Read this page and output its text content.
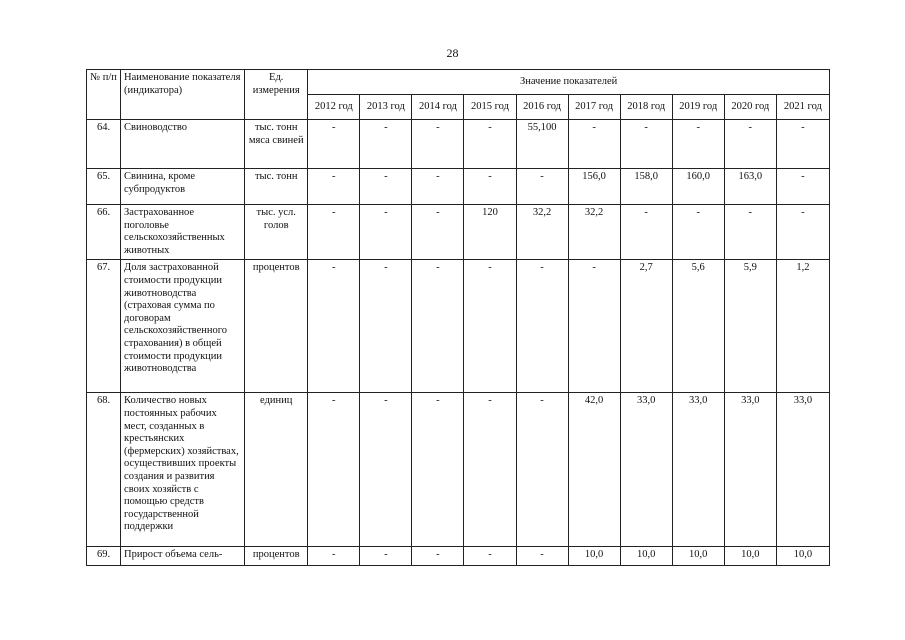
28
№ п/п	Наименование показателя (индикатора)	Ед. измерения	Значение показателей									
			2012 год	2013 год	2014 год	2015 год	2016 год	2017 год	2018 год	2019 год	2020 год	2021 год
64.	Свиноводство	тыс. тонн мяса свиней	-	-	-	-	55,100	-	-	-	-	-
65.	Свинина, кроме субпродуктов	тыс. тонн	-	-	-	-	-	156,0	158,0	160,0	163,0	-
66.	Застрахованное поголовье сельскохозяйственных животных	тыс. усл. голов	-	-	-	120	32,2	32,2	-	-	-	-
67.	Доля застрахованной стоимости продукции животноводства (страховая сумма по договорам сельскохозяйственного страхования) в общей стоимости продукции животноводства	процентов	-	-	-	-	-	-	2,7	5,6	5,9	1,2
68.	Количество новых постоянных рабочих мест, созданных в крестьянских (фермерских) хозяйствах, осуществивших проекты создания и развития своих хозяйств с помощью средств государственной поддержки	единиц	-	-	-	-	-	42,0	33,0	33,0	33,0	33,0
69.	Прирост объема сель-	процентов	-	-	-	-	-	10,0	10,0	10,0	10,0	10,0
